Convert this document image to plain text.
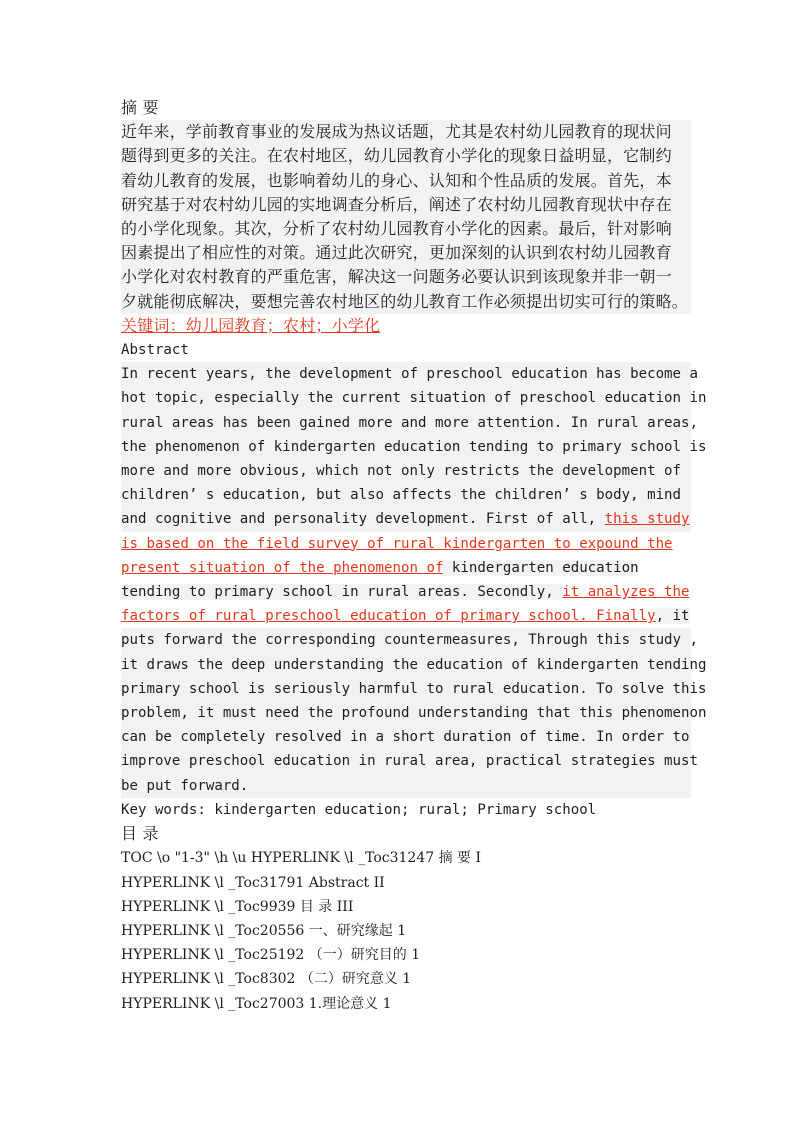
摘 要
近年来，学前教育事业的发展成为热议话题，尤其是农村幼儿园教育的现状问
题得到更多的关注。在农村地区，幼儿园教育小学化的现象日益明显，它制约
着幼儿教育的发展，也影响着幼儿的身心、认知和个性品质的发展。首先，本
研究基于对农村幼儿园的实地调查分析后，阐述了农村幼儿园教育现状中存在
的小学化现象。其次，分析了农村幼儿园教育小学化的因素。最后，针对影响
因素提出了相应性的对策。通过此次研究，更加深刻的认识到农村幼儿园教育
小学化对农村教育的严重危害，解决这一问题务必要认识到该现象并非一朝一
夕就能彻底解决，要想完善农村地区的幼儿教育工作必须提出切实可行的策略。
关键词：幼儿园教育；农村；小学化
Abstract
In recent years, the development of preschool education has become a
hot topic, especially the current situation of preschool education in
rural areas has been gained more and more attention. In rural areas,
the phenomenon of kindergarten education tending to primary school is
more and more obvious, which not only restricts the development of
children’ s education, but also affects the children’ s body, mind
and cognitive and personality development. First of all, this study
is based on the field survey of rural kindergarten to expound the
present situation of the phenomenon of kindergarten education
tending to primary school in rural areas. Secondly, it analyzes the
factors of rural preschool education of primary school. Finally, it
puts forward the corresponding countermeasures, Through this study ,
it draws the deep understanding the education of kindergarten tending
primary school is seriously harmful to rural education. To solve this
problem, it must need the profound understanding that this phenomenon
can be completely resolved in a short duration of time. In order to
improve preschool education in rural area, practical strategies must
be put forward.
Key words: kindergarten education; rural; Primary school
目 录
TOC \o "1-3" \h \u HYPERLINK \l _Toc31247 摘 要 I
HYPERLINK \l _Toc31791 Abstract II
HYPERLINK \l _Toc9939 目 录 III
HYPERLINK \l _Toc20556 一、研究缘起 1
HYPERLINK \l _Toc25192 （一）研究目的 1
HYPERLINK \l _Toc8302 （二）研究意义 1
HYPERLINK \l _Toc27003 1.理论意义 1
